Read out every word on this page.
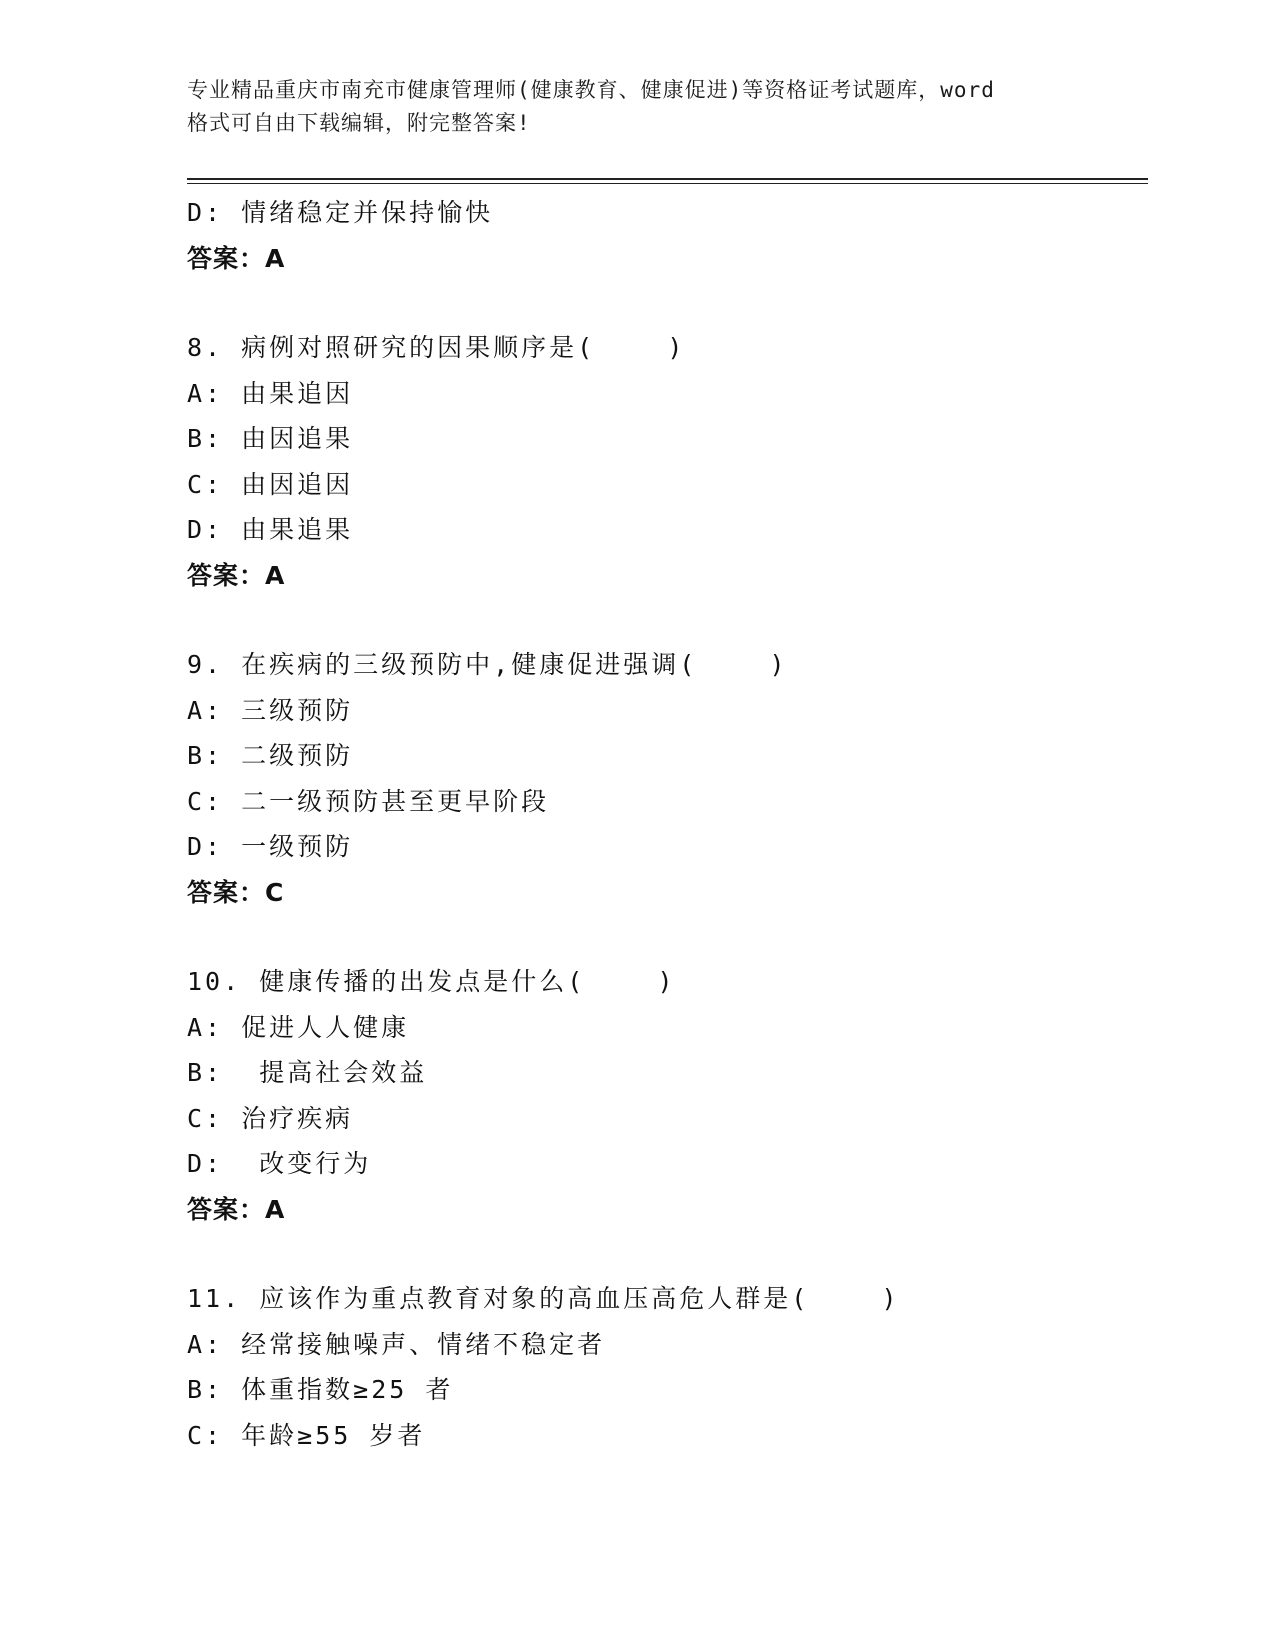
专业精品重庆市南充市健康管理师(健康教育、健康促进)等资格证考试题库，word
格式可自由下载编辑，附完整答案!
D: 情绪稳定并保持愉快
答案：A
8. 病例对照研究的因果顺序是(    )
A: 由果追因
B: 由因追果
C: 由因追因
D: 由果追果
答案：A
9. 在疾病的三级预防中,健康促进强调(    )
A: 三级预防
B: 二级预防
C: 二一级预防甚至更早阶段
D: 一级预防
答案：C
10. 健康传播的出发点是什么(    )
A: 促进人人健康
B:  提高社会效益
C: 治疗疾病
D:  改变行为
答案：A
11. 应该作为重点教育对象的高血压高危人群是(    )
A: 经常接触噪声、情绪不稳定者
B: 体重指数≥25 者
C: 年龄≥55 岁者
